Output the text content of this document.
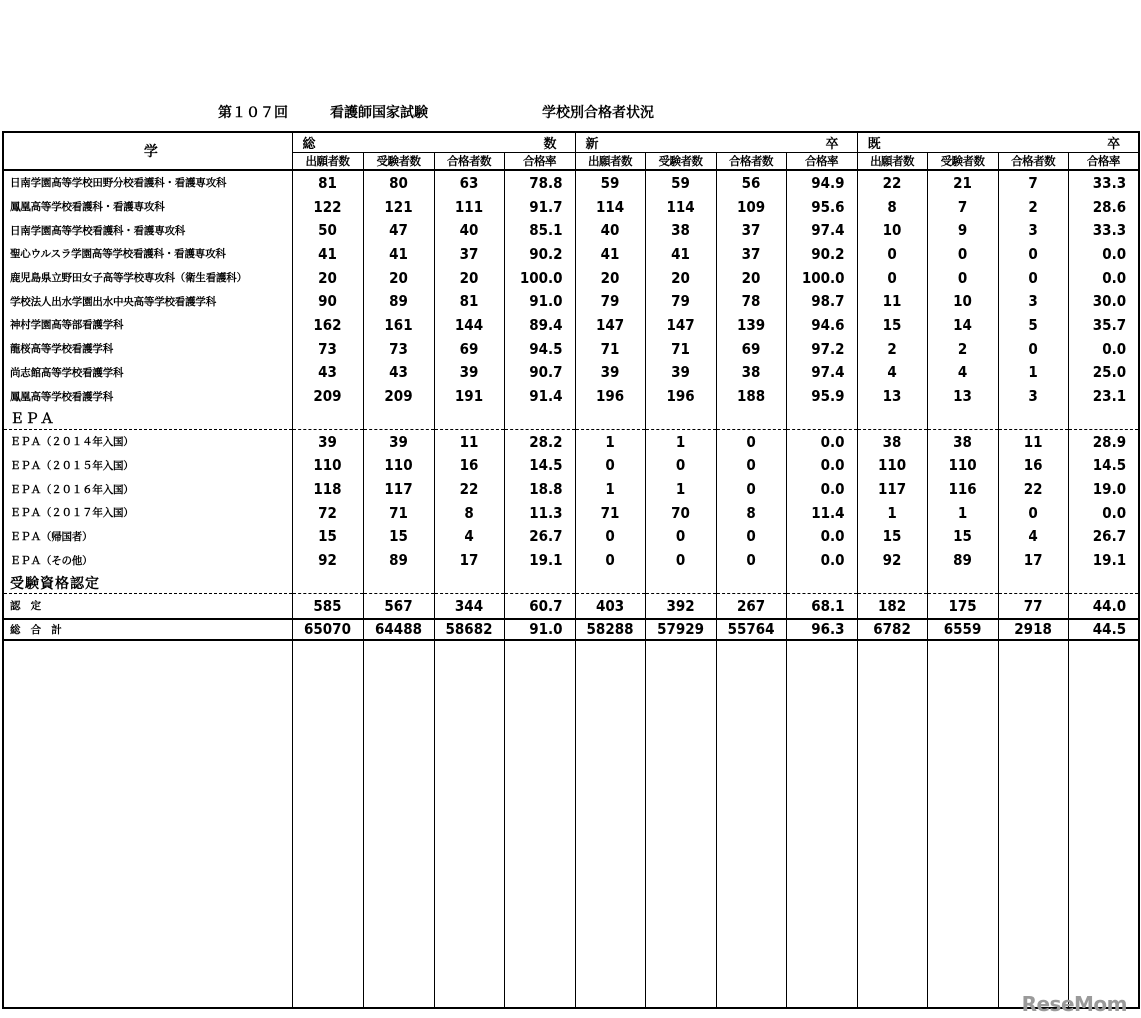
第１０７回	看護師国家試験	学校別合格者状況
学	総		数		新		卒		既		卒	
	出願者数	受験者数	合格者数	合格率	出願者数	受験者数	合格者数	合格率	出願者数	受験者数	合格者数	合格率
日南学園高等学校田野分校看護科・看護専攻科	81	80	63	78.8	59	59	56	94.9	22	21	7	33.3
鳳凰高等学校看護科・看護専攻科	122	121	111	91.7	114	114	109	95.6	8	7	2	28.6
日南学園高等学校看護科・看護専攻科	50	47	40	85.1	40	38	37	97.4	10	9	3	33.3
聖心ウルスラ学園高等学校看護科・看護専攻科	41	41	37	90.2	41	41	37	90.2	0	0	0	0.0
鹿児島県立野田女子高等学校専攻科（衛生看護科）	20	20	20	100.0	20	20	20	100.0	0	0	0	0.0
学校法人出水学園出水中央高等学校看護学科	90	89	81	91.0	79	79	78	98.7	11	10	3	30.0
神村学園高等部看護学科	162	161	144	89.4	147	147	139	94.6	15	14	5	35.7
龍桜高等学校看護学科	73	73	69	94.5	71	71	69	97.2	2	2	0	0.0
尚志館高等学校看護学科	43	43	39	90.7	39	39	38	97.4	4	4	1	25.0
鳳凰高等学校看護学科	209	209	191	91.4	196	196	188	95.9	13	13	3	23.1
ＥＰＡ												
ＥＰＡ（２０１４年入国）	39	39	11	28.2	1	1	0	0.0	38	38	11	28.9
ＥＰＡ（２０１５年入国）	110	110	16	14.5	0	0	0	0.0	110	110	16	14.5
ＥＰＡ（２０１６年入国）	118	117	22	18.8	1	1	0	0.0	117	116	22	19.0
ＥＰＡ（２０１７年入国）	72	71	8	11.3	71	70	8	11.4	1	1	0	0.0
ＥＰＡ（帰国者）	15	15	4	26.7	0	0	0	0.0	15	15	4	26.7
ＥＰＡ（その他）	92	89	17	19.1	0	0	0	0.0	92	89	17	19.1
受験資格認定												
認　定	585	567	344	60.7	403	392	267	68.1	182	175	77	44.0
総　合　計	65070	64488	58682	91.0	58288	57929	55764	96.3	6782	6559	2918	44.5

ReseMom
